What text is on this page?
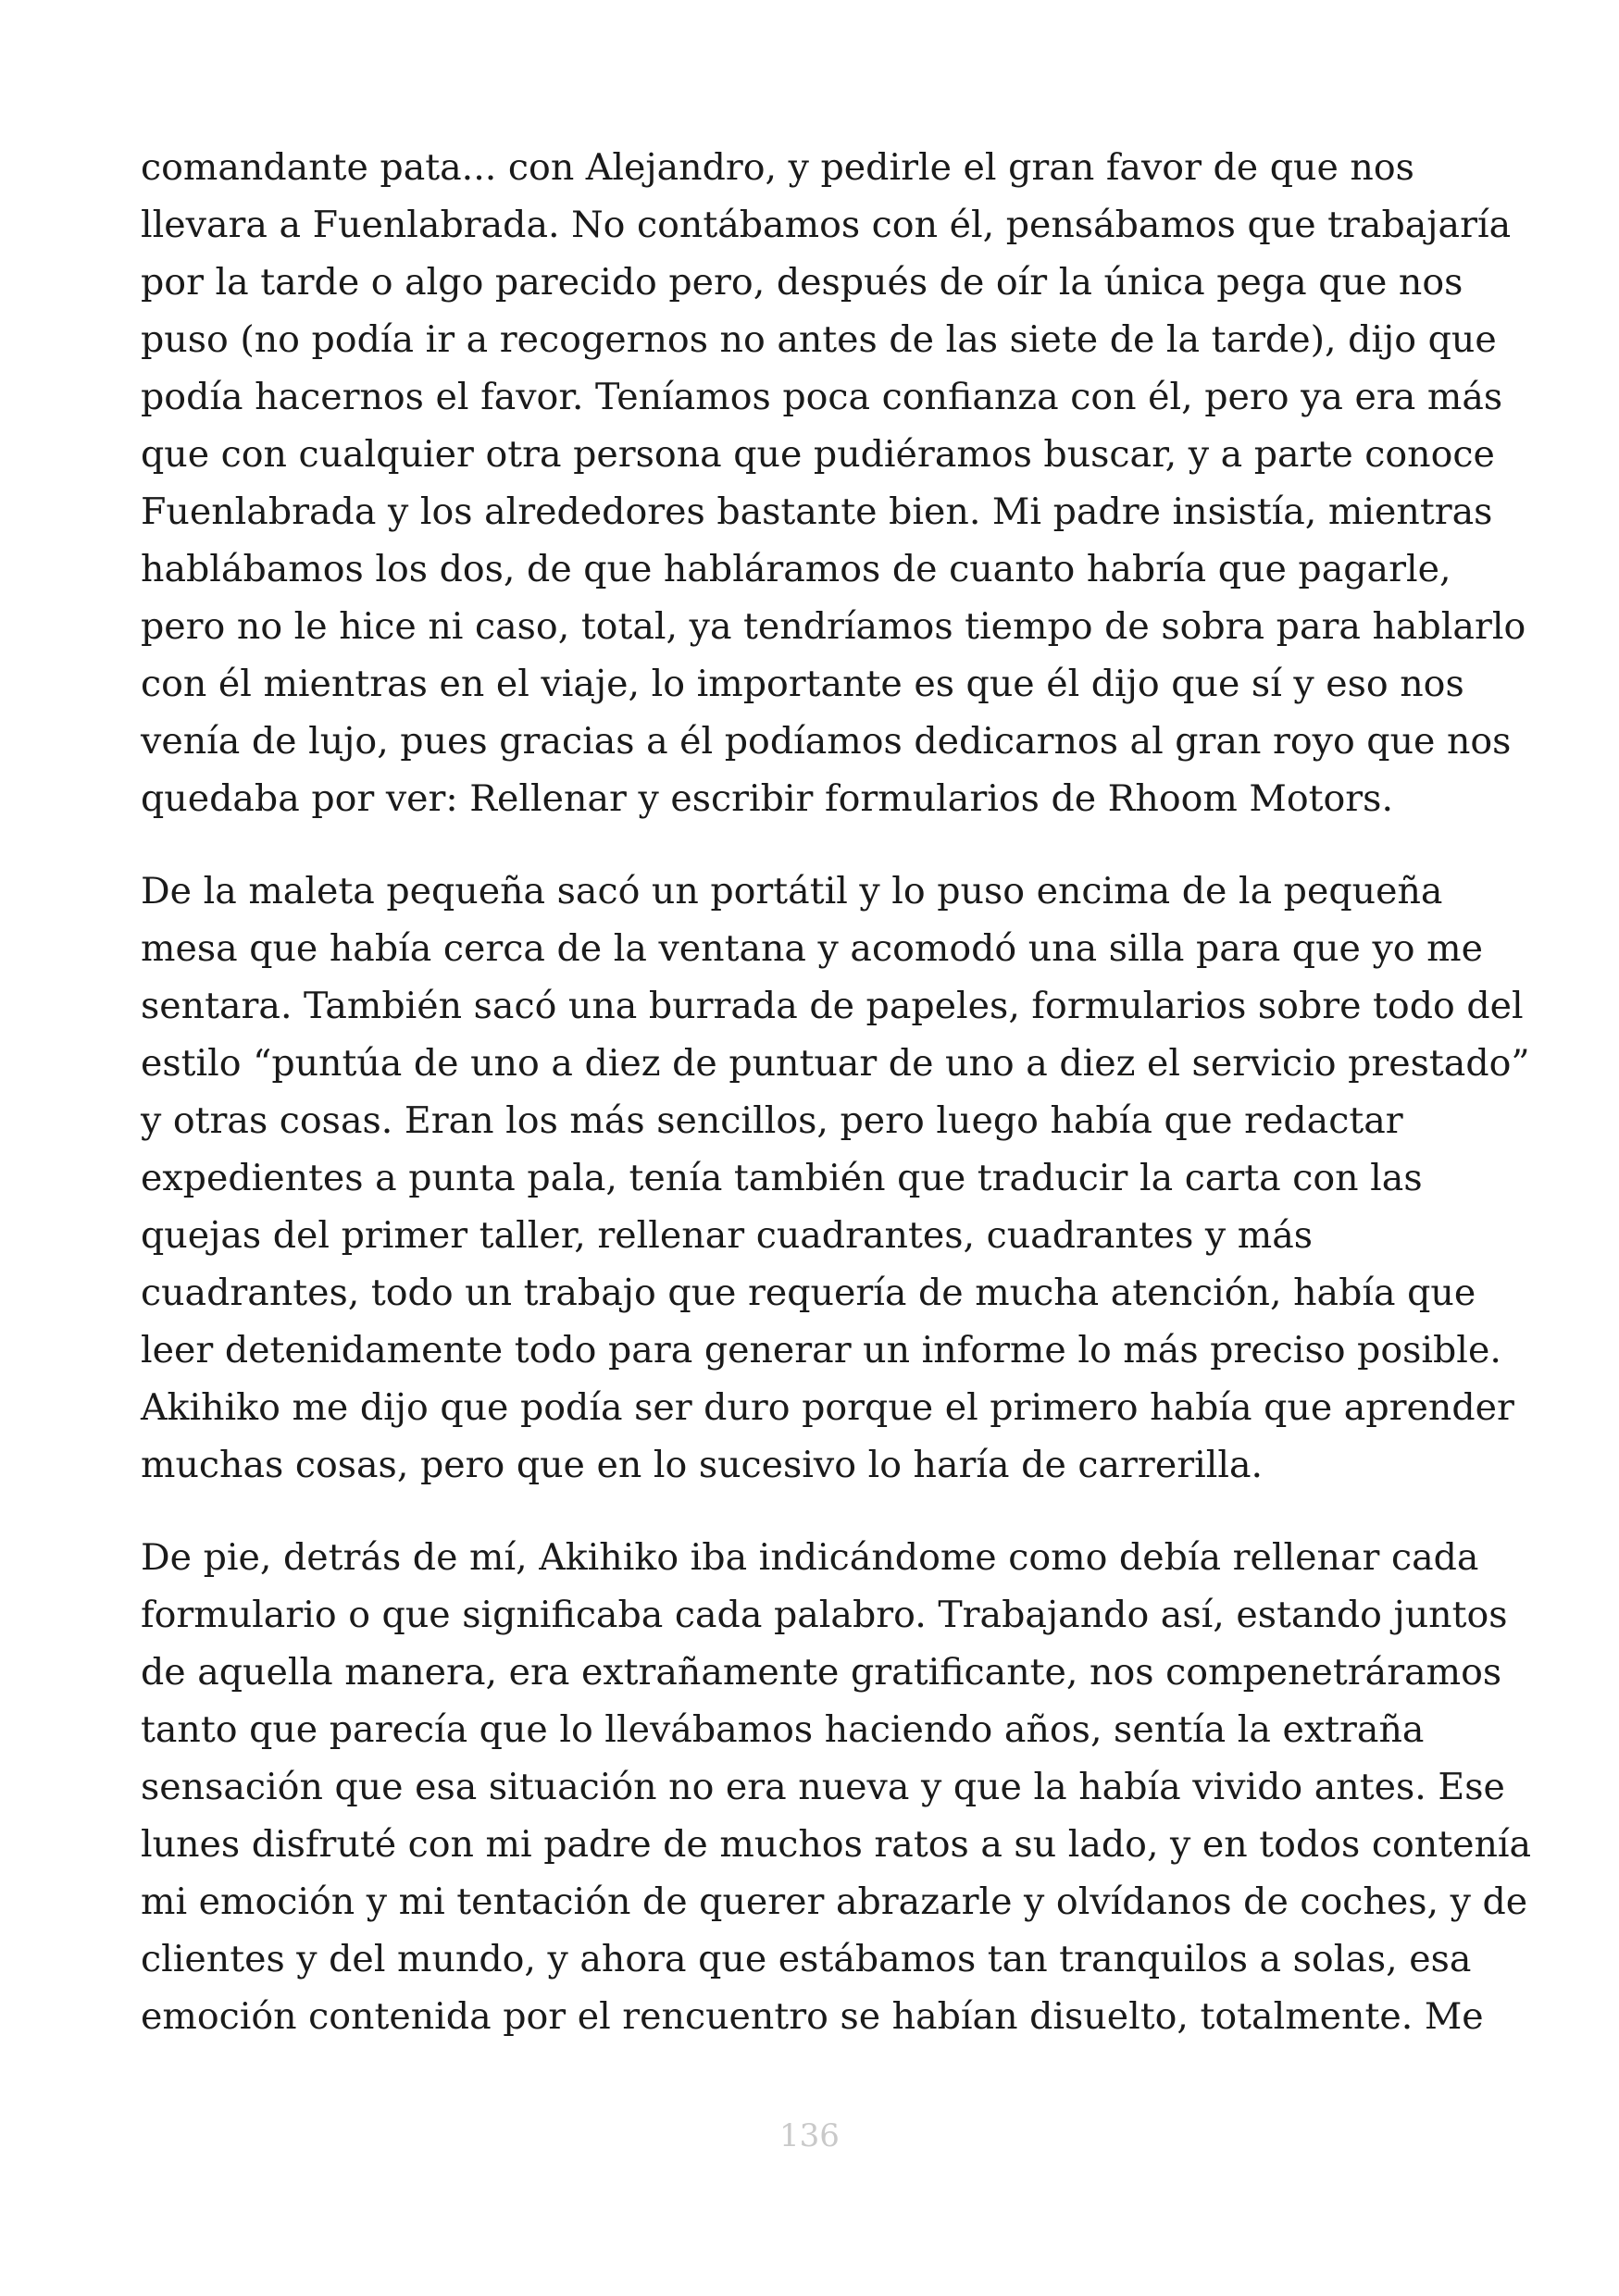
comandante pata... con Alejandro, y pedirle el gran favor de que nos
llevara a Fuenlabrada. No contábamos con él, pensábamos que trabajaría
por la tarde o algo parecido pero, después de oír la única pega que nos
puso (no podía ir a recogernos no antes de las siete de la tarde), dijo que
podía hacernos el favor. Teníamos poca confianza con él, pero ya era más
que con cualquier otra persona que pudiéramos buscar, y a parte conoce
Fuenlabrada y los alrededores bastante bien. Mi padre insistía, mientras
hablábamos los dos, de que habláramos de cuanto habría que pagarle,
pero no le hice ni caso, total, ya tendríamos tiempo de sobra para hablarlo
con él mientras en el viaje, lo importante es que él dijo que sí y eso nos
venía de lujo, pues gracias a él podíamos dedicarnos al gran royo que nos
quedaba por ver: Rellenar y escribir formularios de Rhoom Motors.

De la maleta pequeña sacó un portátil y lo puso encima de la pequeña
mesa que había cerca de la ventana y acomodó una silla para que yo me
sentara. También sacó una burrada de papeles, formularios sobre todo del
estilo “puntúa de uno a diez de puntuar de uno a diez el servicio prestado”
y otras cosas. Eran los más sencillos, pero luego había que redactar
expedientes a punta pala, tenía también que traducir la carta con las
quejas del primer taller, rellenar cuadrantes, cuadrantes y más
cuadrantes, todo un trabajo que requería de mucha atención, había que
leer detenidamente todo para generar un informe lo más preciso posible.
Akihiko me dijo que podía ser duro porque el primero había que aprender
muchas cosas, pero que en lo sucesivo lo haría de carrerilla.

De pie, detrás de mí, Akihiko iba indicándome como debía rellenar cada
formulario o que significaba cada palabro. Trabajando así, estando juntos
de aquella manera, era extrañamente gratificante, nos compenetráramos
tanto que parecía que lo llevábamos haciendo años, sentía la extraña
sensación que esa situación no era nueva y que la había vivido antes. Ese
lunes disfruté con mi padre de muchos ratos a su lado, y en todos contenía
mi emoción y mi tentación de querer abrazarle y olvídanos de coches, y de
clientes y del mundo, y ahora que estábamos tan tranquilos a solas, esa
emoción contenida por el rencuentro se habían disuelto, totalmente. Me

136
